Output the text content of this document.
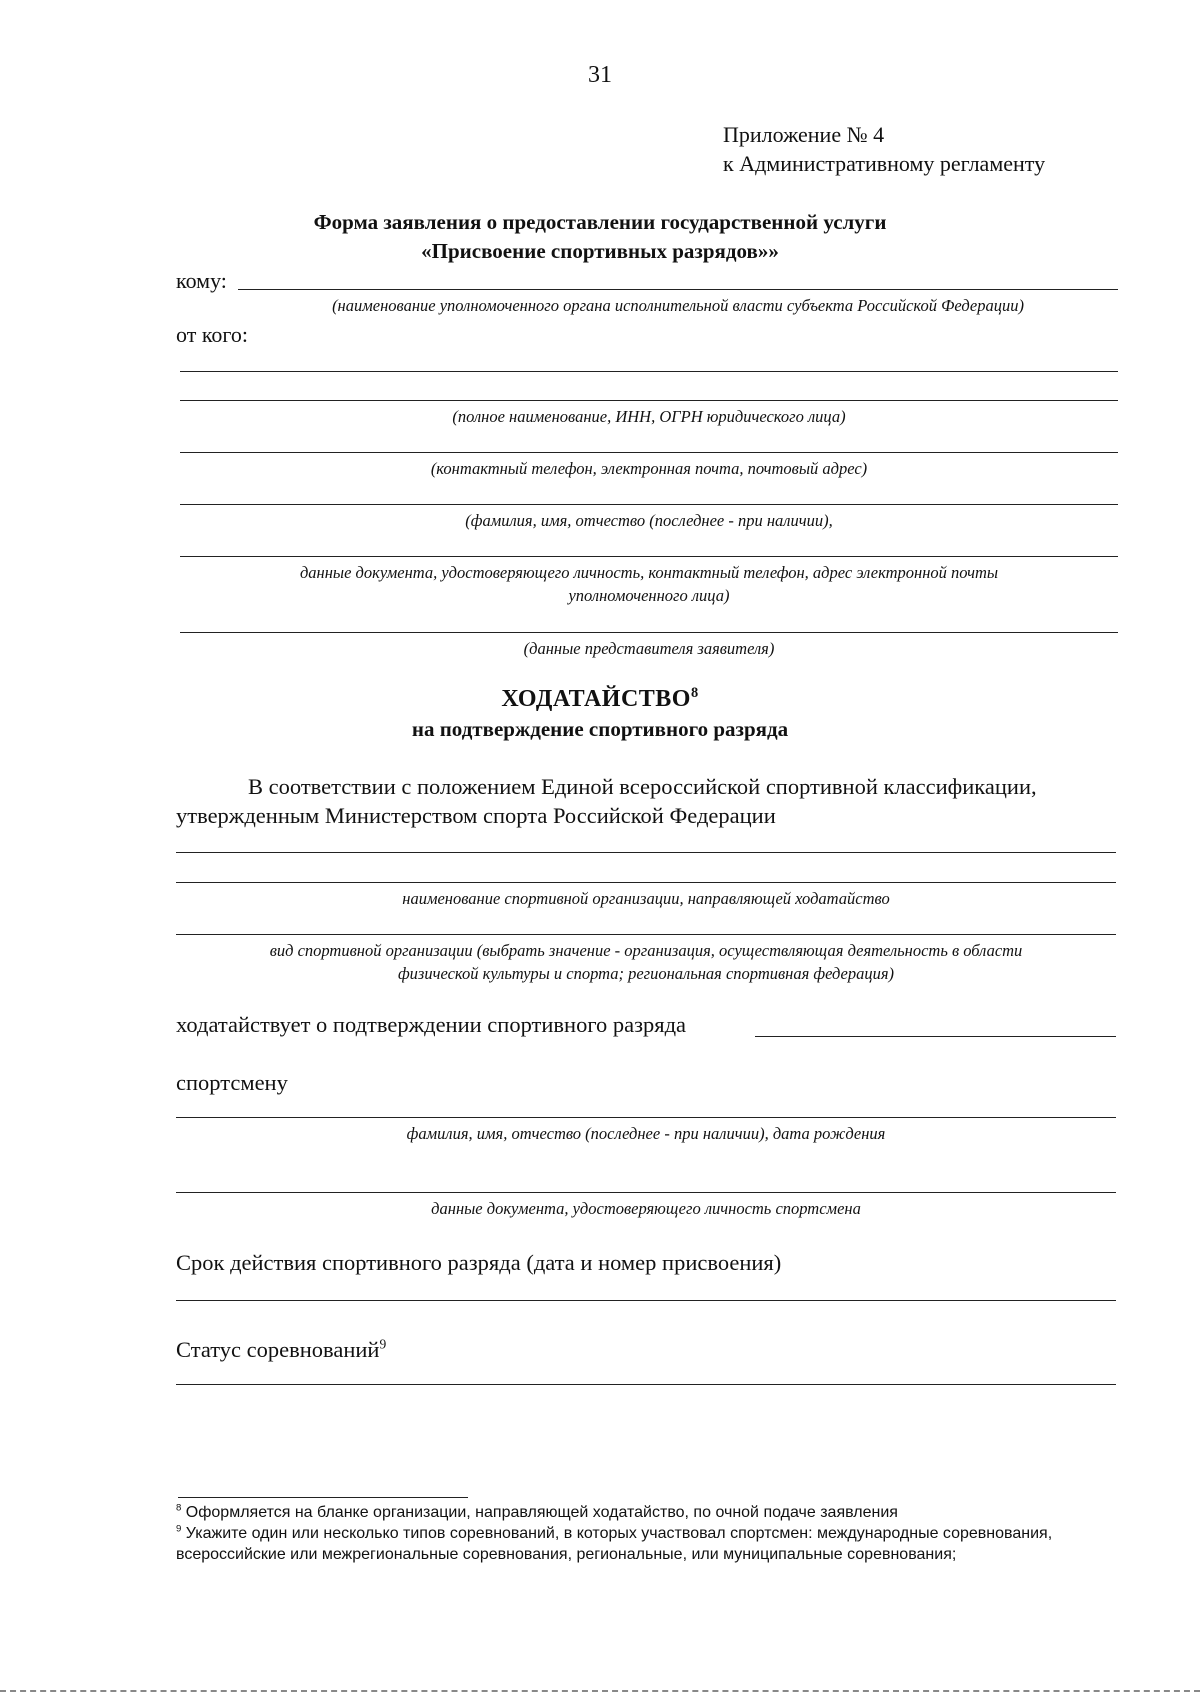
31
Приложение № 4
к Административному регламенту
Форма заявления о предоставлении государственной услуги
«Присвоение спортивных разрядов»»
кому:
(наименование уполномоченного органа исполнительной власти субъекта Российской Федерации)
от кого:
(полное наименование, ИНН, ОГРН юридического лица)
(контактный телефон, электронная почта, почтовый адрес)
(фамилия, имя, отчество (последнее - при наличии),
данные документа, удостоверяющего личность, контактный телефон, адрес электронной почты
уполномоченного лица)
(данные представителя заявителя)
ХОДАТАЙСТВО$^8$
на подтверждение спортивного разряда
В соответствии с положением Единой всероссийской спортивной классификации,
утвержденным Министерством спорта Российской Федерации
наименование спортивной организации, направляющей ходатайство
вид спортивной организации (выбрать значение - организация, осуществляющая деятельность в области
физической культуры и спорта; региональная спортивная федерация)
ходатайствует о подтверждении спортивного разряда
спортсмену
фамилия, имя, отчество (последнее - при наличии), дата рождения
данные документа, удостоверяющего личность спортсмена
Срок действия спортивного разряда (дата и номер присвоения)
Статус соревнований$^9$

$^8$ Оформляется на бланке организации, направляющей ходатайство, по очной подаче заявления

$^9$ Укажите один или несколько типов соревнований, в которых участвовал спортсмен: международные соревнования, всероссийские или межрегиональные соревнования, региональные, или муниципальные соревнования;
